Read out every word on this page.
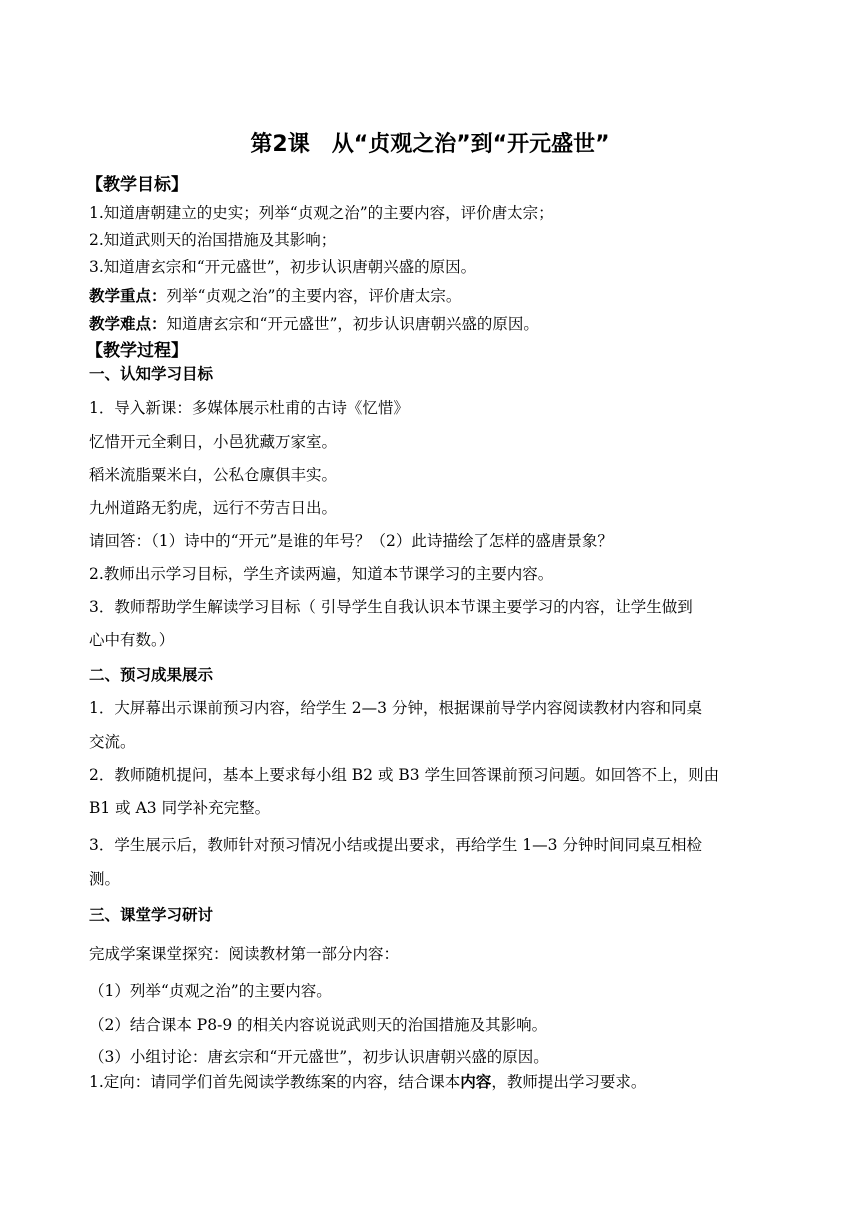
第2课　从“贞观之治”到“开元盛世”
【教学目标】
1.知道唐朝建立的史实；列举“贞观之治”的主要内容，评价唐太宗；
2.知道武则天的治国措施及其影响；
3.知道唐玄宗和“开元盛世”，初步认识唐朝兴盛的原因。
教学重点：列举“贞观之治”的主要内容，评价唐太宗。
教学难点：知道唐玄宗和“开元盛世”，初步认识唐朝兴盛的原因。
【教学过程】
一、认知学习目标
1．导入新课：多媒体展示杜甫的古诗《忆惜》
忆惜开元全剩日，小邑犹藏万家室。
稻米流脂粟米白，公私仓廪俱丰实。
九州道路无豹虎，远行不劳吉日出。
请回答：（1）诗中的“开元”是谁的年号？（2）此诗描绘了怎样的盛唐景象？
2.教师出示学习目标，学生齐读两遍，知道本节课学习的主要内容。
3．教师帮助学生解读学习目标（ 引导学生自我认识本节课主要学习的内容，让学生做到
心中有数。）
二、预习成果展示
1．大屏幕出示课前预习内容，给学生 2—3 分钟，根据课前导学内容阅读教材内容和同桌
交流。
2．教师随机提问，基本上要求每小组 B2 或 B3 学生回答课前预习问题。如回答不上，则由
B1 或 A3 同学补充完整。
3．学生展示后，教师针对预习情况小结或提出要求，再给学生 1—3 分钟时间同桌互相检
测。
三、课堂学习研讨
完成学案课堂探究：阅读教材第一部分内容：
（1）列举“贞观之治”的主要内容。
（2）结合课本 P8-9 的相关内容说说武则天的治国措施及其影响。
（3）小组讨论：唐玄宗和“开元盛世”，初步认识唐朝兴盛的原因。
1.定向：请同学们首先阅读学教练案的内容，结合课本内容，教师提出学习要求。
